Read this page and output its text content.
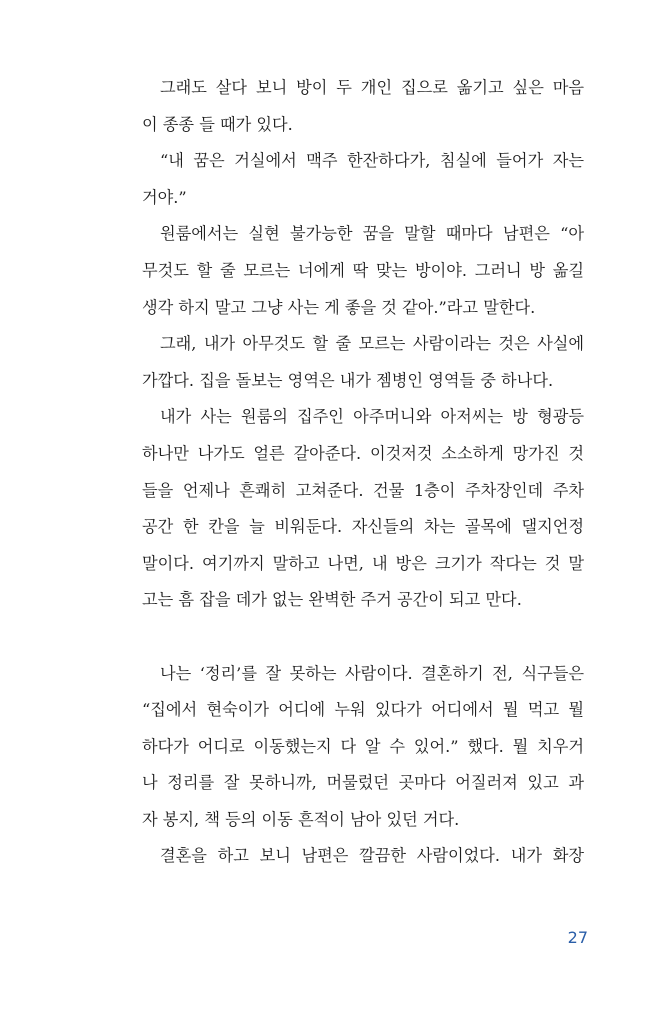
그래도 살다 보니 방이 두 개인 집으로 옮기고 싶은 마음
이 종종 들 때가 있다.
“내 꿈은 거실에서 맥주 한잔하다가, 침실에 들어가 자는
거야.”
원룸에서는 실현 불가능한 꿈을 말할 때마다 남편은 “아
무것도 할 줄 모르는 너에게 딱 맞는 방이야. 그러니 방 옮길
생각 하지 말고 그냥 사는 게 좋을 것 같아.”라고 말한다.
그래, 내가 아무것도 할 줄 모르는 사람이라는 것은 사실에
가깝다. 집을 돌보는 영역은 내가 젬병인 영역들 중 하나다.
내가 사는 원룸의 집주인 아주머니와 아저씨는 방 형광등
하나만 나가도 얼른 갈아준다. 이것저것 소소하게 망가진 것
들을 언제나 흔쾌히 고쳐준다. 건물 1층이 주차장인데 주차
공간 한 칸을 늘 비워둔다. 자신들의 차는 골목에 댈지언정
말이다. 여기까지 말하고 나면, 내 방은 크기가 작다는 것 말
고는 흠 잡을 데가 없는 완벽한 주거 공간이 되고 만다.
나는 ‘정리’를 잘 못하는 사람이다. 결혼하기 전, 식구들은
“집에서 현숙이가 어디에 누워 있다가 어디에서 뭘 먹고 뭘
하다가 어디로 이동했는지 다 알 수 있어.” 했다. 뭘 치우거
나 정리를 잘 못하니까, 머물렀던 곳마다 어질러져 있고 과
자 봉지, 책 등의 이동 흔적이 남아 있던 거다.
결혼을 하고 보니 남편은 깔끔한 사람이었다. 내가 화장
27
